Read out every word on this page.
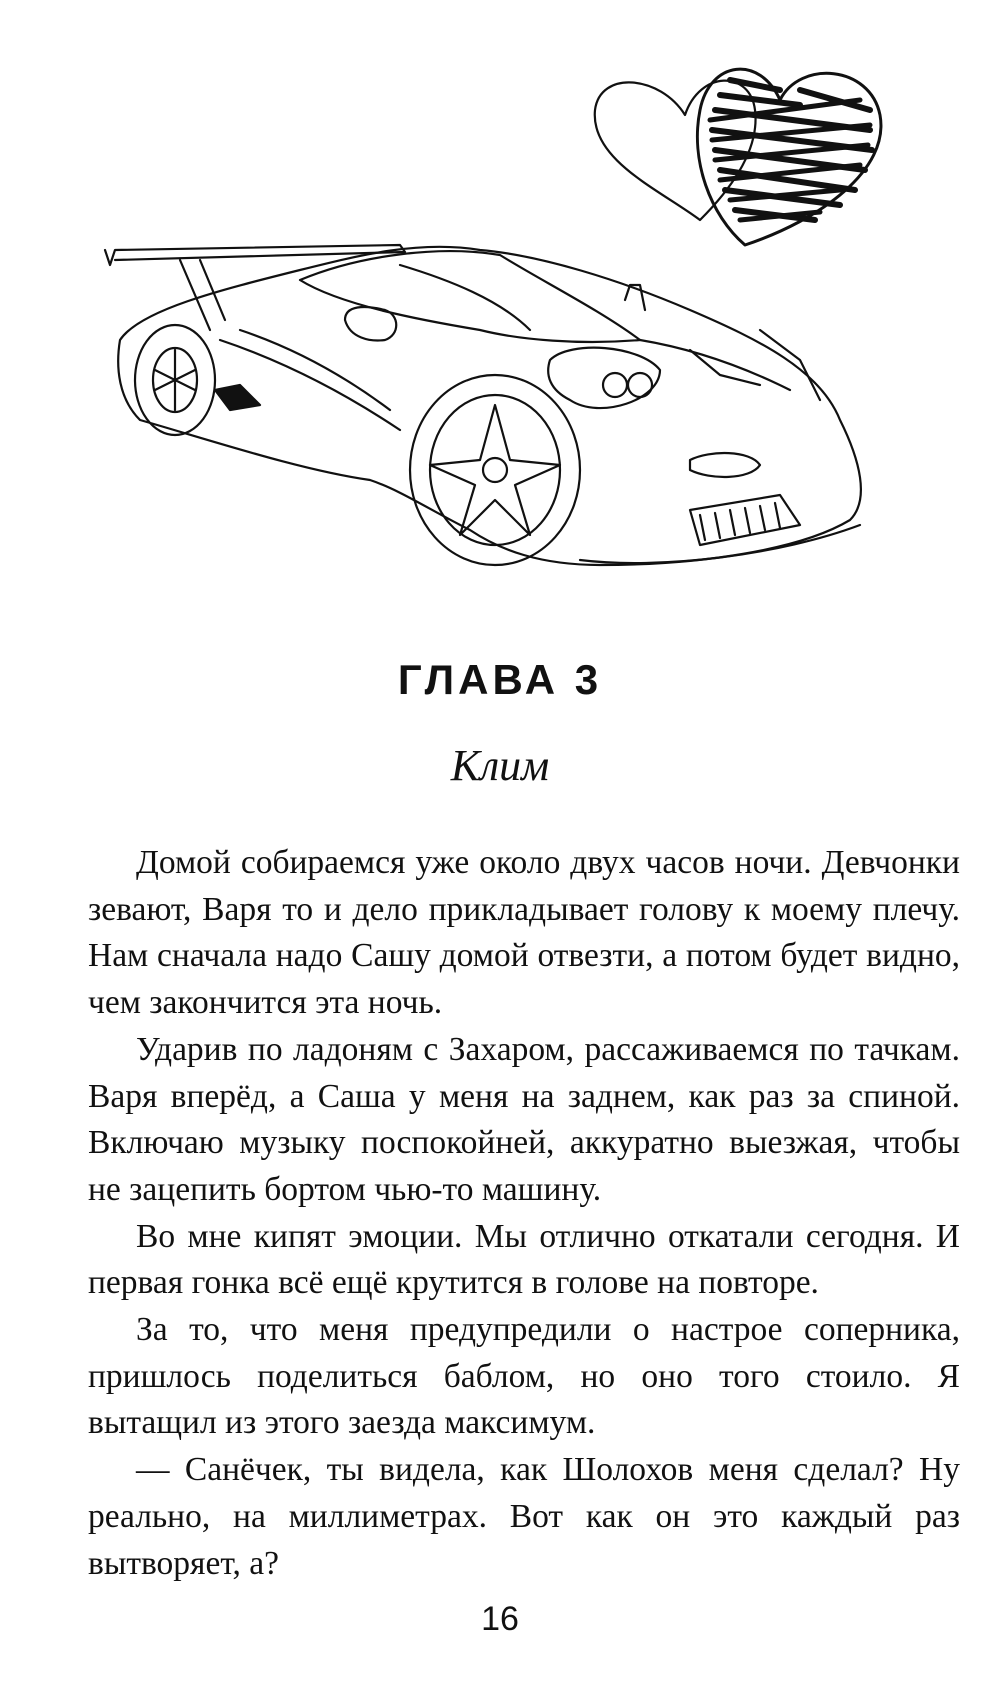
ГЛАВА 3
Клим

Домой собираемся уже около двух часов ночи. Девчонки зевают, Варя то и дело прикладывает голову к моему плечу. Нам сначала надо Сашу домой отвезти, а потом будет видно, чем закончится эта ночь.

Ударив по ладоням с Захаром, рассаживаемся по тачкам. Варя вперёд, а Саша у меня на заднем, как раз за спиной. Включаю музыку поспокойней, аккуратно выезжая, чтобы не зацепить бортом чью-то машину.

Во мне кипят эмоции. Мы отлично откатали сегодня. И первая гонка всё ещё крутится в голове на повторе.

За то, что меня предупредили о настрое соперника, пришлось поделиться баблом, но оно того стоило. Я вытащил из этого заезда максимум.

— Санёчек, ты видела, как Шолохов меня сделал? Ну реально, на миллиметрах. Вот как он это каждый раз вытворяет, а?

16
